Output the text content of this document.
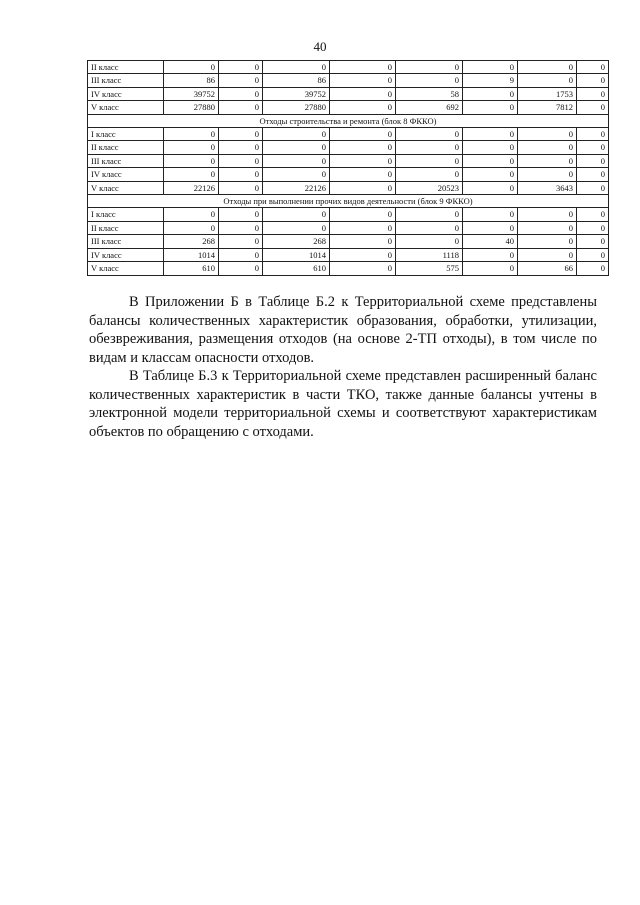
40
II класс	0	0	0	0	0	0	0	0
III класс	86	0	86	0	0	9	0	0
IV класс	39752	0	39752	0	58	0	1753	0
V класс	27880	0	27880	0	692	0	7812	0
Отходы строительства и ремонта (блок 8 ФККО)								
I класс	0	0	0	0	0	0	0	0
II класс	0	0	0	0	0	0	0	0
III класс	0	0	0	0	0	0	0	0
IV класс	0	0	0	0	0	0	0	0
V класс	22126	0	22126	0	20523	0	3643	0
Отходы при выполнении прочих видов деятельности (блок 9 ФККО)								
I класс	0	0	0	0	0	0	0	0
II класс	0	0	0	0	0	0	0	0
III класс	268	0	268	0	0	40	0	0
IV класс	1014	0	1014	0	1118	0	0	0
V класс	610	0	610	0	575	0	66	0

В Приложении Б в Таблице Б.2 к Территориальной схеме представлены балансы количественных характеристик образования, обработки, утилизации, обезвреживания, размещения отходов (на основе 2-ТП отходы), в том числе по видам и классам опасности отходов.

В Таблице Б.3 к Территориальной схеме представлен расширенный баланс количественных характеристик в части ТКО, также данные балансы учтены в электронной модели территориальной схемы и соответствуют характеристикам объектов по обращению с отходами.
